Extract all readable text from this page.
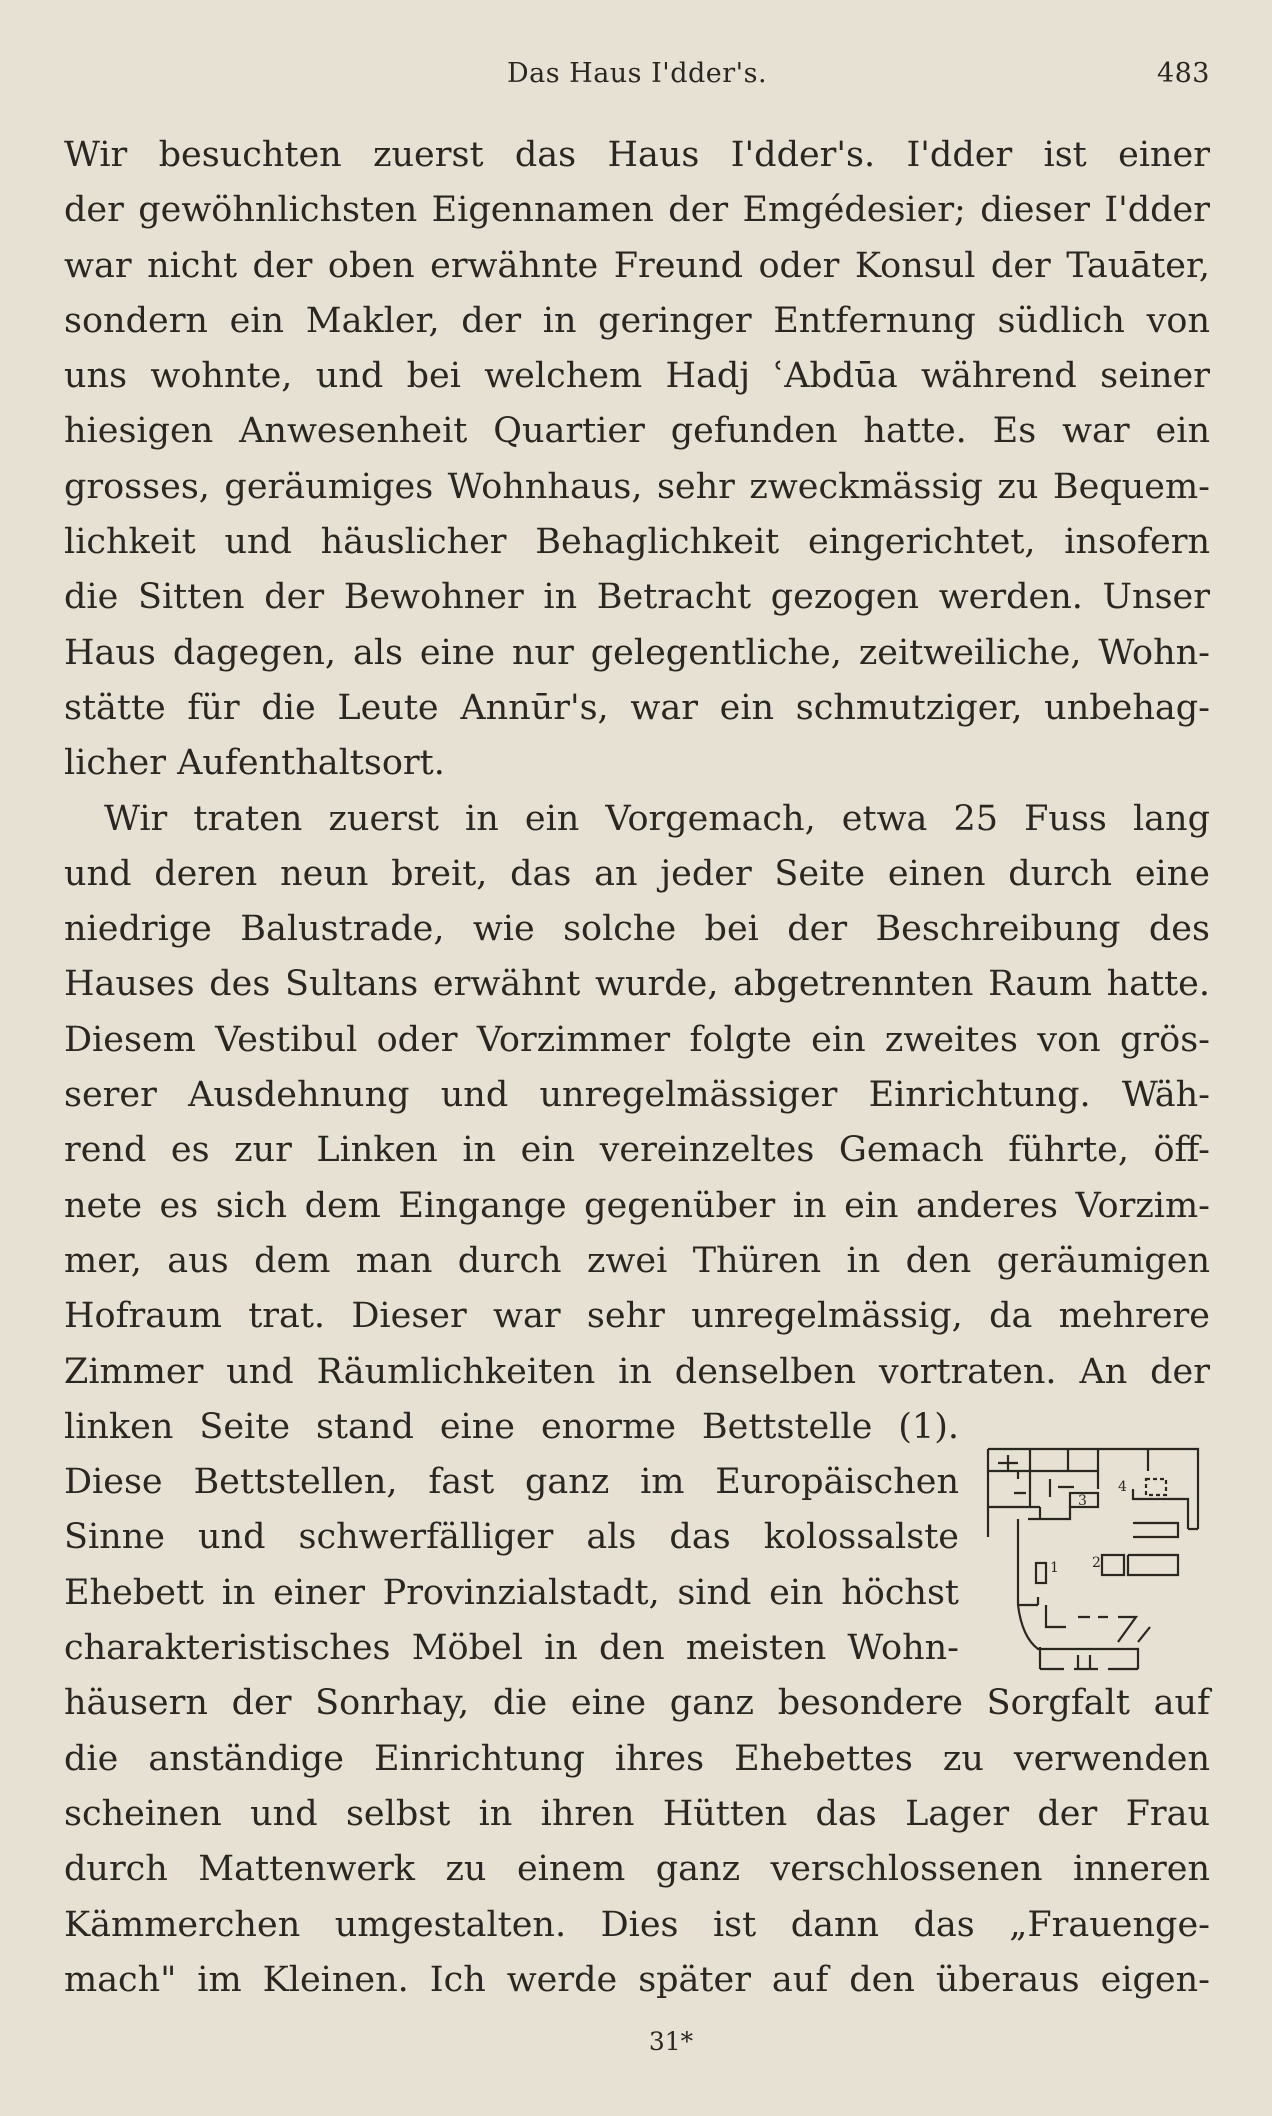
Das Haus I'dder's.	483
Wir besuchten zuerst das Haus I'dder's. I'dder ist einer
der gewöhnlichsten Eigennamen der Emgédesier; dieser I'dder
war nicht der oben erwähnte Freund oder Konsul der Tauāter,
sondern ein Makler, der in geringer Entfernung südlich von
uns wohnte, und bei welchem Hadj ʿAbdūa während seiner
hiesigen Anwesenheit Quartier gefunden hatte. Es war ein
grosses, geräumiges Wohnhaus, sehr zweckmässig zu Bequem-
lichkeit und häuslicher Behaglichkeit eingerichtet, insofern
die Sitten der Bewohner in Betracht gezogen werden. Unser
Haus dagegen, als eine nur gelegentliche, zeitweiliche, Wohn-
stätte für die Leute Annūr's, war ein schmutziger, unbehag-
licher Aufenthaltsort.
Wir traten zuerst in ein Vorgemach, etwa 25 Fuss lang
und deren neun breit, das an jeder Seite einen durch eine
niedrige Balustrade, wie solche bei der Beschreibung des
Hauses des Sultans erwähnt wurde, abgetrennten Raum hatte.
Diesem Vestibul oder Vorzimmer folgte ein zweites von grös-
serer Ausdehnung und unregelmässiger Einrichtung. Wäh-
rend es zur Linken in ein vereinzeltes Gemach führte, öff-
nete es sich dem Eingange gegenüber in ein anderes Vorzim-
mer, aus dem man durch zwei Thüren in den geräumigen
Hofraum trat. Dieser war sehr unregelmässig, da mehrere
Zimmer und Räumlichkeiten in denselben vortraten. An der
linken Seite stand eine enorme Bettstelle (1).
Diese Bettstellen, fast ganz im Europäischen
Sinne und schwerfälliger als das kolossalste
Ehebett in einer Provinzialstadt, sind ein höchst
charakteristisches Möbel in den meisten Wohn-
häusern der Sonrhay, die eine ganz besondere Sorgfalt auf
die anständige Einrichtung ihres Ehebettes zu verwenden
scheinen und selbst in ihren Hütten das Lager der Frau
durch Mattenwerk zu einem ganz verschlossenen inneren
Kämmerchen umgestalten. Dies ist dann das „Frauenge-
mach" im Kleinen. Ich werde später auf den überaus eigen-
1 2
3
4
31*
